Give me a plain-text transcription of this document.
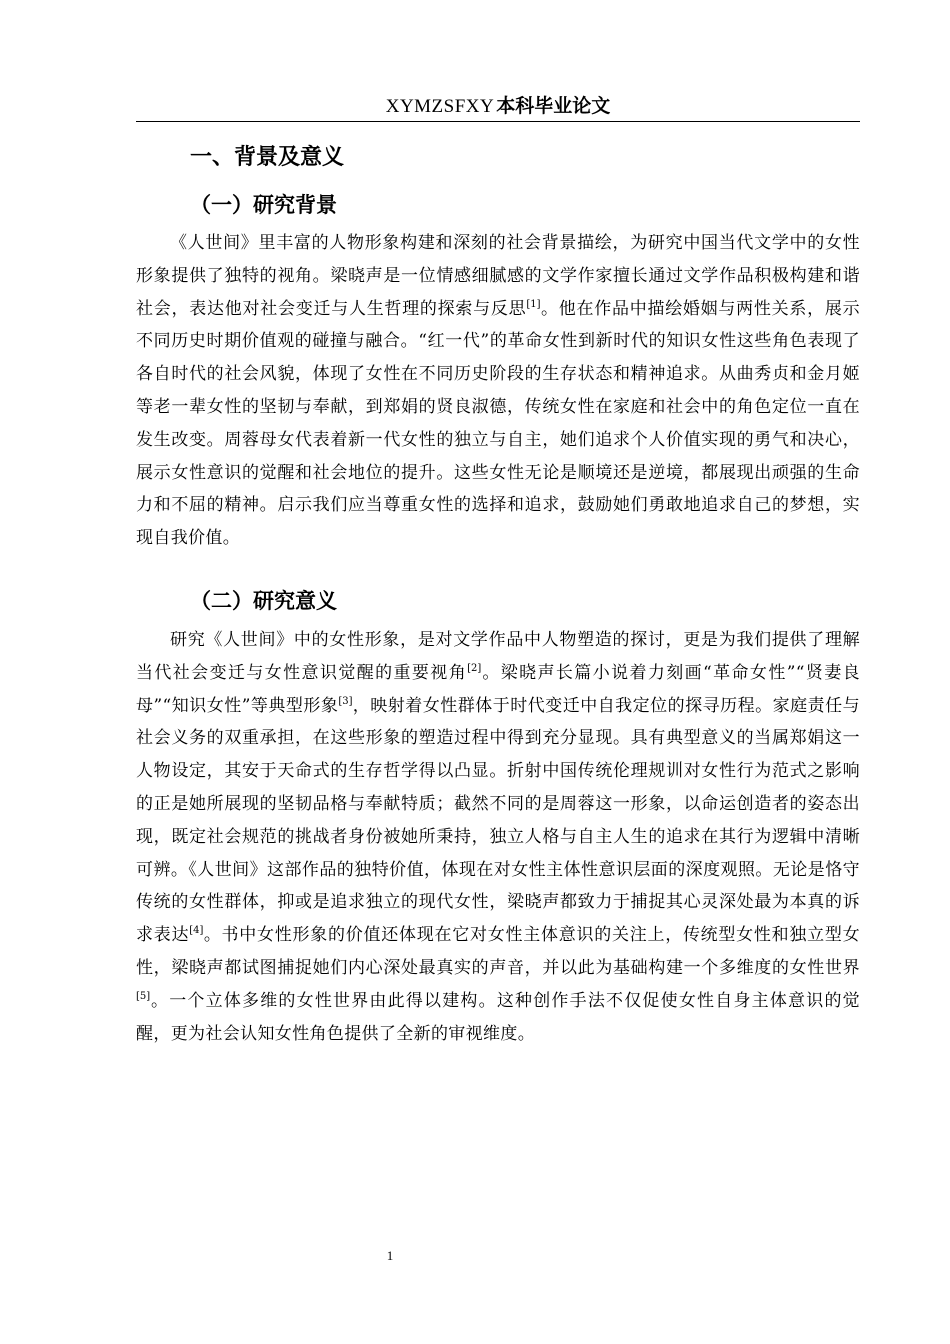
XYMZSFXY 本科毕业论文
一、背景及意义
（一）研究背景

《人世间》里丰富的人物形象构建和深刻的社会背景描绘，为研究中国当代文学中的女性形象提供了独特的视角。梁晓声是一位情感细腻感的文学作家擅长通过文学作品积极构建和谐社会，表达他对社会变迁与人生哲理的探索与反思[1]。他在作品中描绘婚姻与两性关系，展示不同历史时期价值观的碰撞与融合。“红一代”的革命女性到新时代的知识女性这些角色表现了各自时代的社会风貌，体现了女性在不同历史阶段的生存状态和精神追求。从曲秀贞和金月姬等老一辈女性的坚韧与奉献，到郑娟的贤良淑德，传统女性在家庭和社会中的角色定位一直在发生改变。周蓉母女代表着新一代女性的独立与自主，她们追求个人价值实现的勇气和决心，展示女性意识的觉醒和社会地位的提升。这些女性无论是顺境还是逆境，都展现出顽强的生命力和不屈的精神。启示我们应当尊重女性的选择和追求，鼓励她们勇敢地追求自己的梦想，实现自我价值。

（二）研究意义

研究《人世间》中的女性形象，是对文学作品中人物塑造的探讨，更是为我们提供了理解当代社会变迁与女性意识觉醒的重要视角[2]。梁晓声长篇小说着力刻画“革命女性”“贤妻良母”“知识女性”等典型形象[3]，映射着女性群体于时代变迁中自我定位的探寻历程。家庭责任与社会义务的双重承担，在这些形象的塑造过程中得到充分显现。具有典型意义的当属郑娟这一人物设定，其安于天命式的生存哲学得以凸显。折射中国传统伦理规训对女性行为范式之影响的正是她所展现的坚韧品格与奉献特质；截然不同的是周蓉这一形象，以命运创造者的姿态出现，既定社会规范的挑战者身份被她所秉持，独立人格与自主人生的追求在其行为逻辑中清晰可辨。《人世间》这部作品的独特价值，体现在对女性主体性意识层面的深度观照。无论是恪守传统的女性群体，抑或是追求独立的现代女性，梁晓声都致力于捕捉其心灵深处最为本真的诉求表达[4]。书中女性形象的价值还体现在它对女性主体意识的关注上，传统型女性和独立型女性，梁晓声都试图捕捉她们内心深处最真实的声音，并以此为基础构建一个多维度的女性世界[5]。一个立体多维的女性世界由此得以建构。这种创作手法不仅促使女性自身主体意识的觉醒，更为社会认知女性角色提供了全新的审视维度。

1
